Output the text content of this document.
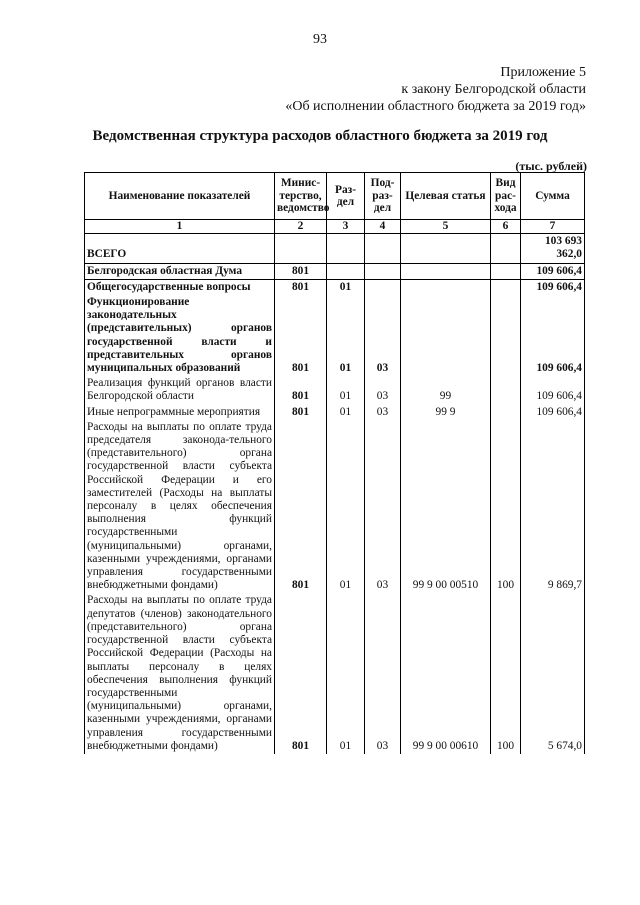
93
Приложение 5
к закону Белгородской области
«Об исполнении областного бюджета за 2019 год»
Ведомственная структура расходов областного бюджета за 2019 год
(тыс. рублей)
Наименование показателей	Минис-терство, ведомство	Раз-дел	Под-раз-дел	Целевая статья	Вид рас-хода	Сумма
1	2	3	4	5	6	7
ВСЕГО						103 693 362,0
Белгородская областная Дума	801					109 606,4
Общегосударственные вопросы	801	01				109 606,4
Функционирование законодательных (представительных) органов государственной власти и представительных органов муниципальных образований	801	01	03			109 606,4
Реализация функций органов власти Белгородской области	801	01	03	99		109 606,4
Иные непрограммные мероприятия	801	01	03	99 9		109 606,4
Расходы на выплаты по оплате труда председателя законода-тельного (представительного) органа государственной власти субъекта Российской Федерации и его заместителей (Расходы на выплаты персоналу в целях обеспечения выполнения функций государственными (муниципальными) органами, казенными учреждениями, органами управления государственными внебюджетными фондами)	801	01	03	99 9 00 00510	100	9 869,7
Расходы на выплаты по оплате труда депутатов (членов) законодательного (представительного) органа государственной власти субъекта Российской Федерации (Расходы на выплаты персоналу в целях обеспечения выполнения функций государственными (муниципальными) органами, казенными учреждениями, органами управления государственными внебюджетными фондами)	801	01	03	99 9 00 00610	100	5 674,0
